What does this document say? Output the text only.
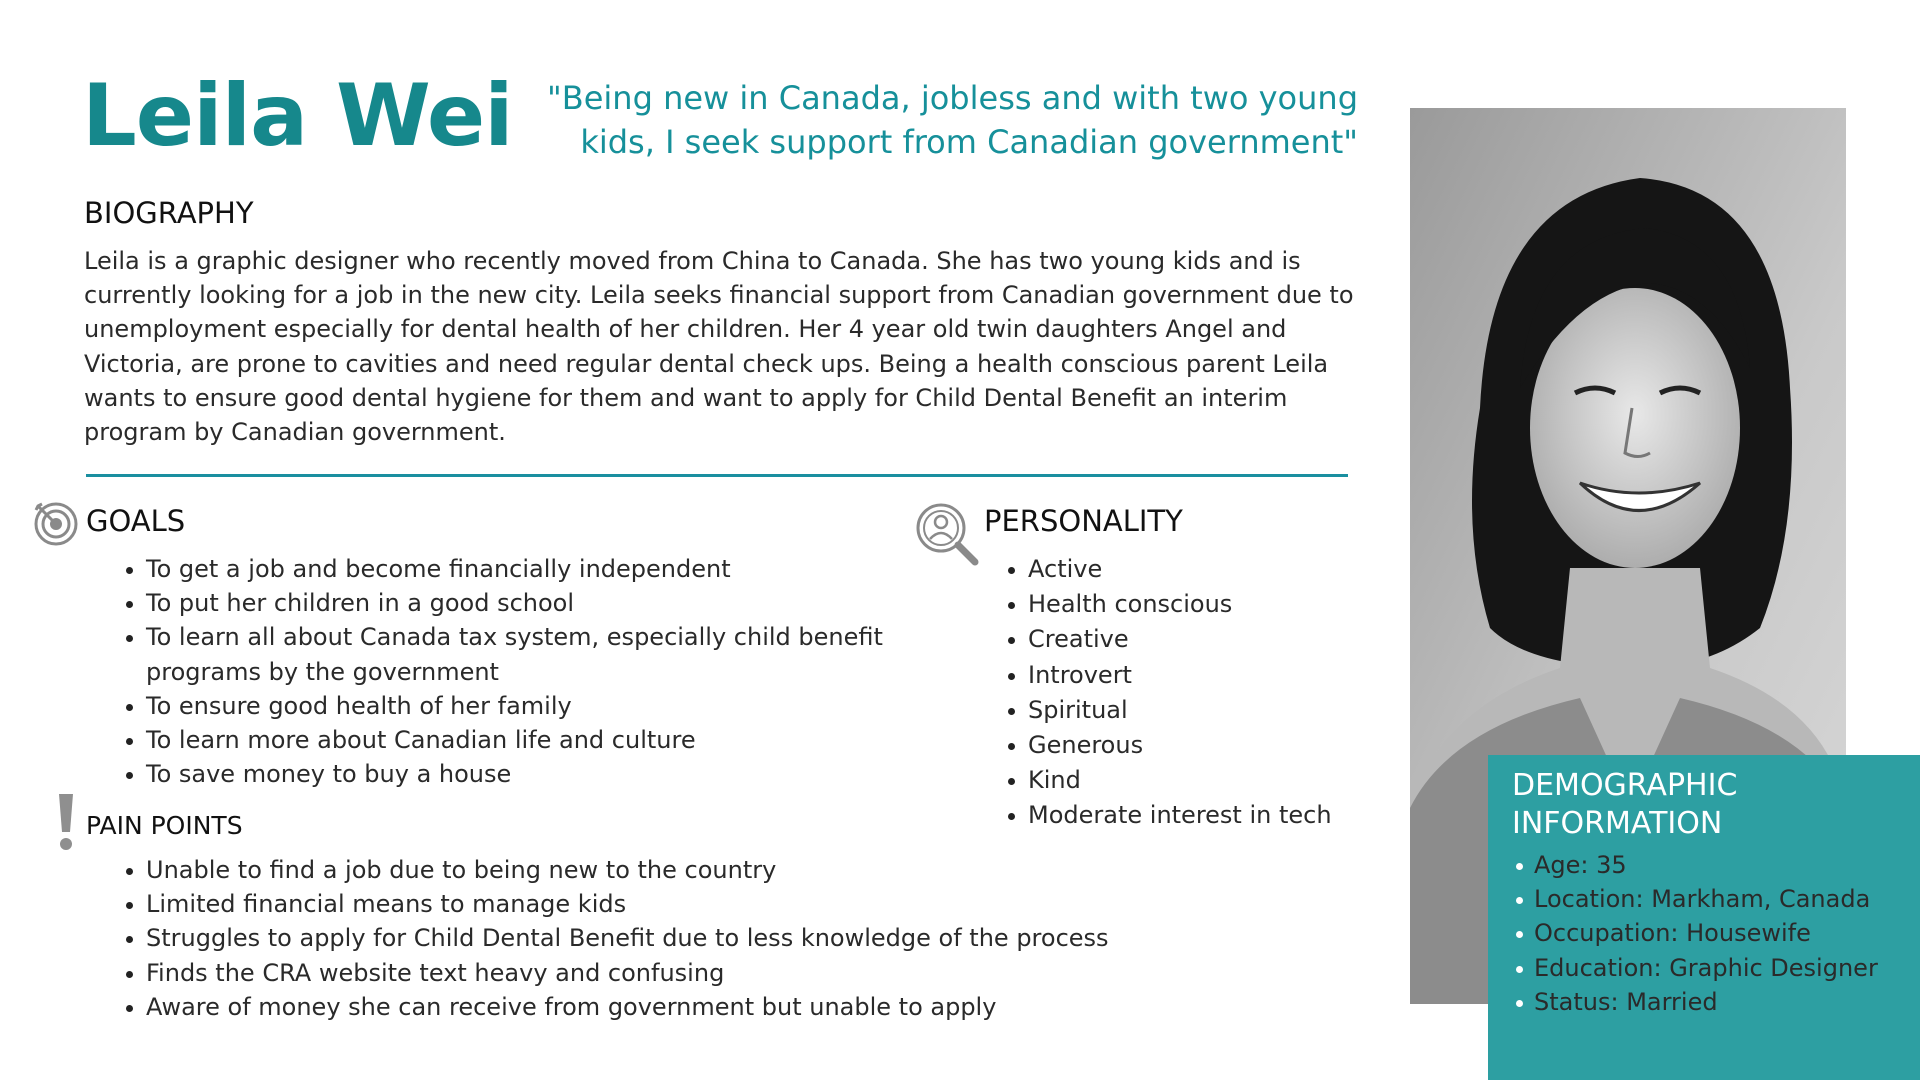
Leila Wei	"Being new in Canada, jobless and with two young kids, I seek support from Canadian government"
BIOGRAPHY
Leila is a graphic designer who recently moved from China to Canada. She has two young kids and is currently looking for a job in the new city. Leila seeks financial support from Canadian government due to unemployment especially for dental health of her children. Her 4 year old twin daughters Angel and Victoria, are prone to cavities and need regular dental check ups. Being a health conscious parent Leila wants to ensure good dental hygiene for them and want to apply for Child Dental Benefit an interim program by Canadian government.
GOALS
To get a job and become financially independent
To put her children in a good school
To learn all about Canada tax system, especially child benefit programs by the government
To ensure good health of her family
To learn more about Canadian life and culture
To save money to buy a house
PAIN POINTS
Unable to find a job due to being new to the country
Limited financial means to manage kids
Struggles to apply for Child Dental Benefit due to less knowledge of the process
Finds the CRA website text heavy and confusing
Aware of money she can receive from government but unable to apply
PERSONALITY
Active
Health conscious
Creative
Introvert
Spiritual
Generous
Kind
Moderate interest in tech
DEMOGRAPHIC
INFORMATION
Age: 35
Location: Markham, Canada
Occupation: Housewife
Education: Graphic Designer
Status: Married
